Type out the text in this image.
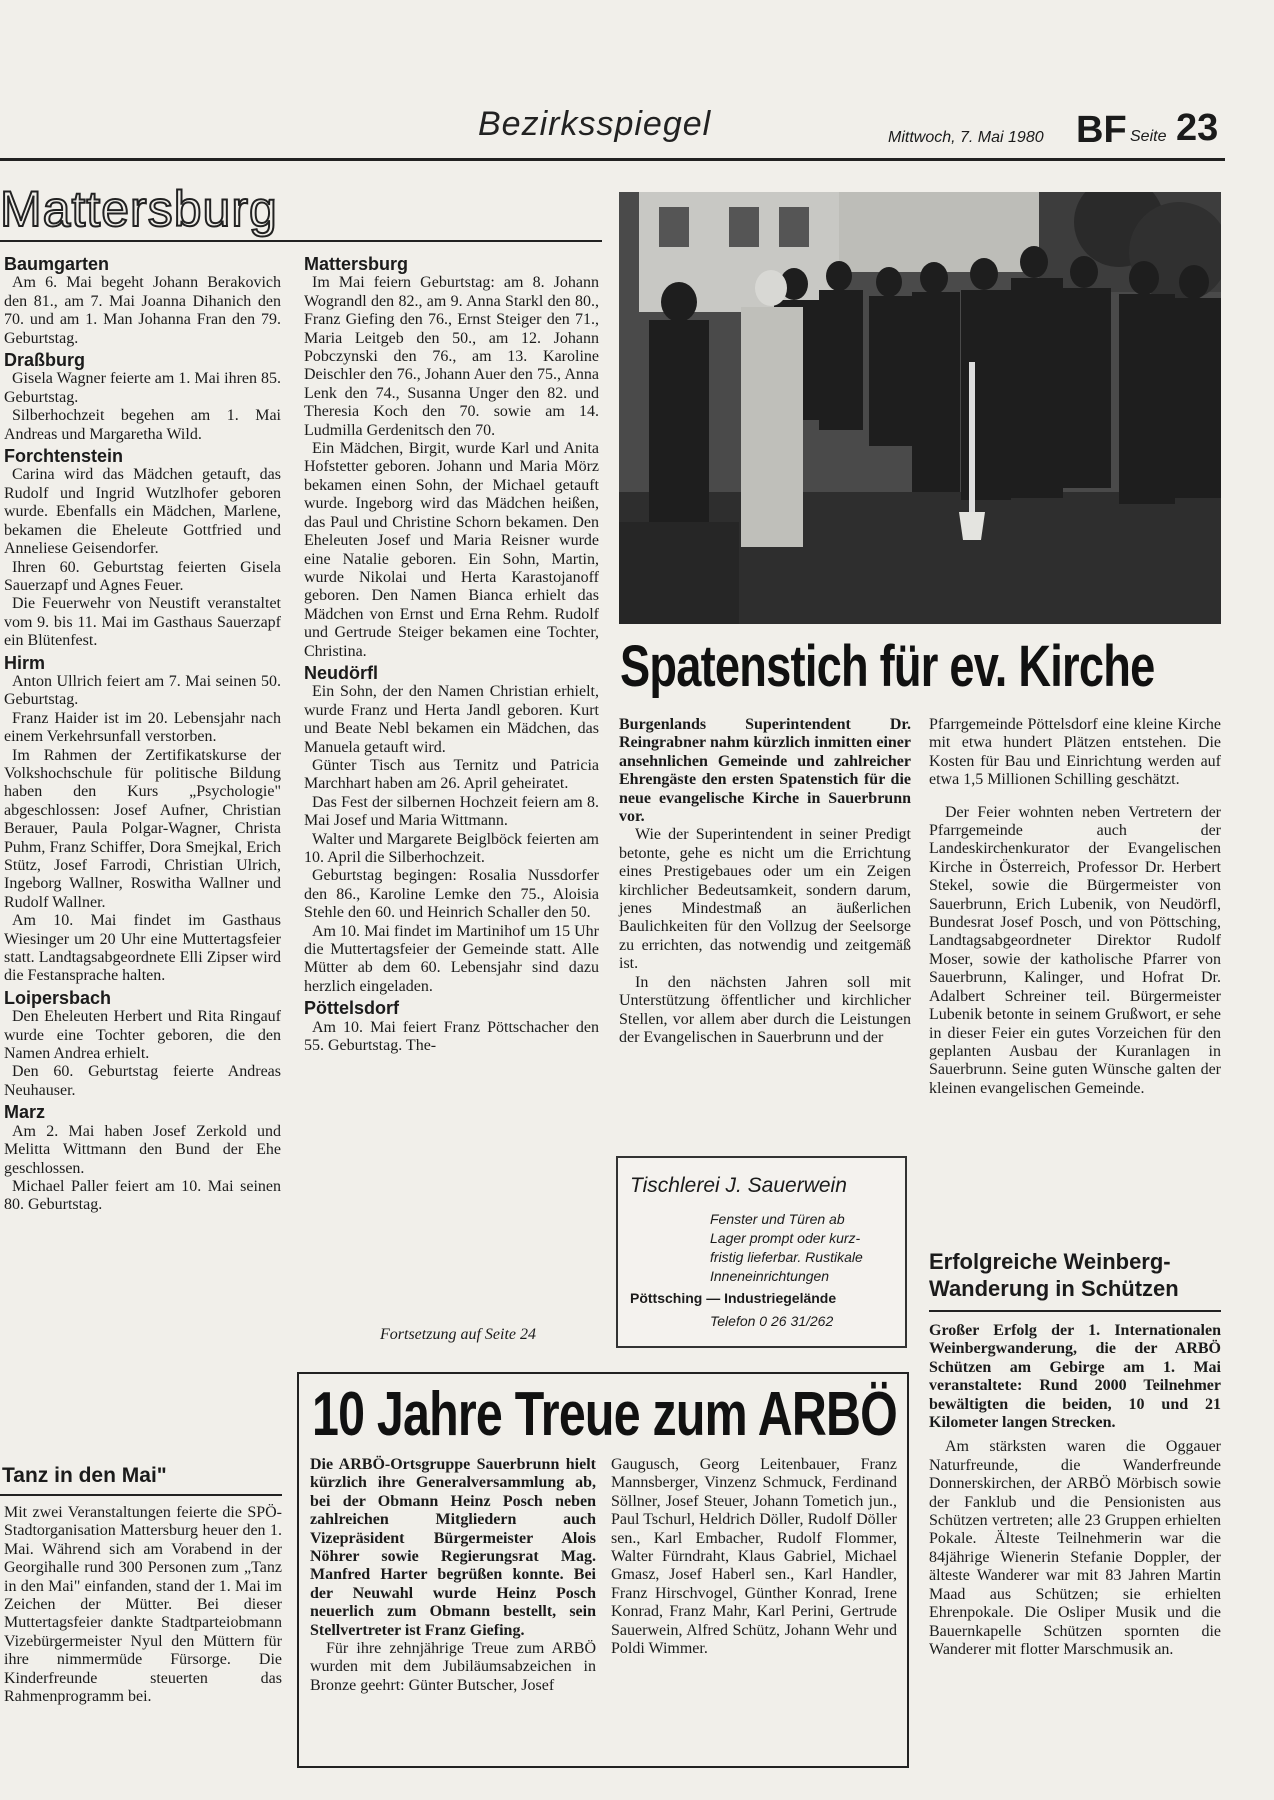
Bezirksspiegel	Mittwoch, 7. Mai 1980 BF Seite 23
Mattersburg
Baumgarten

Am 6. Mai begeht Johann Berakovich den 81., am 7. Mai Joanna Dihanich den 70. und am 1. Man Johanna Fran den 79. Geburtstag.

Draßburg

Gisela Wagner feierte am 1. Mai ihren 85. Geburtstag.

Silberhochzeit begehen am 1. Mai Andreas und Margaretha Wild.

Forchtenstein

Carina wird das Mädchen getauft, das Rudolf und Ingrid Wutzlhofer geboren wurde. Ebenfalls ein Mädchen, Marlene, bekamen die Eheleute Gottfried und Anneliese Geisendorfer.

Ihren 60. Geburtstag feierten Gisela Sauerzapf und Agnes Feuer.

Die Feuerwehr von Neustift veranstaltet vom 9. bis 11. Mai im Gasthaus Sauerzapf ein Blütenfest.

Hirm

Anton Ullrich feiert am 7. Mai seinen 50. Geburtstag.

Franz Haider ist im 20. Lebensjahr nach einem Verkehrsunfall verstorben.

Im Rahmen der Zertifikatskurse der Volkshochschule für politische Bildung haben den Kurs „Psychologie" abgeschlossen: Josef Aufner, Christian Berauer, Paula Polgar-Wagner, Christa Puhm, Franz Schiffer, Dora Smejkal, Erich Stütz, Josef Farrodi, Christian Ulrich, Ingeborg Wallner, Roswitha Wallner und Rudolf Wallner.

Am 10. Mai findet im Gasthaus Wiesinger um 20 Uhr eine Muttertagsfeier statt. Landtagsabgeordnete Elli Zipser wird die Festansprache halten.

Loipersbach

Den Eheleuten Herbert und Rita Ringauf wurde eine Tochter geboren, die den Namen Andrea erhielt.

Den 60. Geburtstag feierte Andreas Neuhauser.

Marz

Am 2. Mai haben Josef Zerkold und Melitta Wittmann den Bund der Ehe geschlossen.

Michael Paller feiert am 10. Mai seinen 80. Geburtstag.

Tanz in den Mai"
Mit zwei Veranstaltungen feierte die SPÖ-Stadtorganisation Mattersburg heuer den 1. Mai. Während sich am Vorabend in der Georgihalle rund 300 Personen zum „Tanz in den Mai" einfanden, stand der 1. Mai im Zeichen der Mütter. Bei dieser Muttertagsfeier dankte Stadtparteiobmann Vizebürgermeister Nyul den Müttern für ihre nimmermüde Fürsorge. Die Kinderfreunde steuerten das Rahmenprogramm bei.
Mattersburg

Im Mai feiern Geburtstag: am 8. Johann Wograndl den 82., am 9. Anna Starkl den 80., Franz Giefing den 76., Ernst Steiger den 71., Maria Leitgeb den 50., am 12. Johann Pobczynski den 76., am 13. Karoline Deischler den 76., Johann Auer den 75., Anna Lenk den 74., Susanna Unger den 82. und Theresia Koch den 70. sowie am 14. Ludmilla Gerdenitsch den 70.

Ein Mädchen, Birgit, wurde Karl und Anita Hofstetter geboren. Johann und Maria Mörz bekamen einen Sohn, der Michael getauft wurde. Ingeborg wird das Mädchen heißen, das Paul und Christine Schorn bekamen. Den Eheleuten Josef und Maria Reisner wurde eine Natalie geboren. Ein Sohn, Martin, wurde Nikolai und Herta Karastojanoff geboren. Den Namen Bianca erhielt das Mädchen von Ernst und Erna Rehm. Rudolf und Gertrude Steiger bekamen eine Tochter, Christina.

Neudörfl

Ein Sohn, der den Namen Christian erhielt, wurde Franz und Herta Jandl geboren. Kurt und Beate Nebl bekamen ein Mädchen, das Manuela getauft wird.

Günter Tisch aus Ternitz und Patricia Marchhart haben am 26. April geheiratet.

Das Fest der silbernen Hochzeit feiern am 8. Mai Josef und Maria Wittmann.

Walter und Margarete Beiglböck feierten am 10. April die Silberhochzeit.

Geburtstag begingen: Rosalia Nussdorfer den 86., Karoline Lemke den 75., Aloisia Stehle den 60. und Heinrich Schaller den 50.

Am 10. Mai findet im Martinihof um 15 Uhr die Muttertagsfeier der Gemeinde statt. Alle Mütter ab dem 60. Lebensjahr sind dazu herzlich eingeladen.

Pöttelsdorf

Am 10. Mai feiert Franz Pöttschacher den 55. Geburtstag. The-

Fortsetzung auf Seite 24
Spatenstich für ev. Kirche

Burgenlands Superintendent Dr. Reingrabner nahm kürzlich inmitten einer ansehnlichen Gemeinde und zahlreicher Ehrengäste den ersten Spatenstich für die neue evangelische Kirche in Sauerbrunn vor.

Wie der Superintendent in seiner Predigt betonte, gehe es nicht um die Errichtung eines Prestigebaues oder um ein Zeigen kirchlicher Bedeutsamkeit, sondern darum, jenes Mindestmaß an äußerlichen Baulichkeiten für den Vollzug der Seelsorge zu errichten, das notwendig und zeitgemäß ist.

In den nächsten Jahren soll mit Unterstützung öffentlicher und kirchlicher Stellen, vor allem aber durch die Leistungen der Evangelischen in Sauerbrunn und der

Pfarrgemeinde Pöttelsdorf eine kleine Kirche mit etwa hundert Plätzen entstehen. Die Kosten für Bau und Einrichtung werden auf etwa 1,5 Millionen Schilling geschätzt.

Der Feier wohnten neben Vertretern der Pfarrgemeinde auch der Landeskirchenkurator der Evangelischen Kirche in Österreich, Professor Dr. Herbert Stekel, sowie die Bürgermeister von Sauerbrunn, Erich Lubenik, von Neudörfl, Bundesrat Josef Posch, und von Pöttsching, Landtagsabgeordneter Direktor Rudolf Moser, sowie der katholische Pfarrer von Sauerbrunn, Kalinger, und Hofrat Dr. Adalbert Schreiner teil. Bürgermeister Lubenik betonte in seinem Grußwort, er sehe in dieser Feier ein gutes Vorzeichen für den geplanten Ausbau der Kuranlagen in Sauerbrunn. Seine guten Wünsche galten der kleinen evangelischen Gemeinde.

Tischlerei J. Sauerwein
Fenster und Türen ab
Lager prompt oder kurz-
fristig lieferbar. Rustikale
Inneneinrichtungen
Pöttsching — Industriegelände
Telefon 0 26 31/262
Erfolgreiche Weinberg-Wanderung in Schützen

Großer Erfolg der 1. Internationalen Weinbergwanderung, die der ARBÖ Schützen am Gebirge am 1. Mai veranstaltete: Rund 2000 Teilnehmer bewältigten die beiden, 10 und 21 Kilometer langen Strecken.

Am stärksten waren die Oggauer Naturfreunde, die Wanderfreunde Donnerskirchen, der ARBÖ Mörbisch sowie der Fanklub und die Pensionisten aus Schützen vertreten; alle 23 Gruppen erhielten Pokale. Älteste Teilnehmerin war die 84jährige Wienerin Stefanie Doppler, der älteste Wanderer war mit 83 Jahren Martin Maad aus Schützen; sie erhielten Ehrenpokale. Die Osliper Musik und die Bauernkapelle Schützen spornten die Wanderer mit flotter Marschmusik an.

10 Jahre Treue zum ARBÖ

Die ARBÖ-Ortsgruppe Sauerbrunn hielt kürzlich ihre Generalversammlung ab, bei der Obmann Heinz Posch neben zahlreichen Mitgliedern auch Vizepräsident Bürgermeister Alois Nöhrer sowie Regierungsrat Mag. Manfred Harter begrüßen konnte. Bei der Neuwahl wurde Heinz Posch neuerlich zum Obmann bestellt, sein Stellvertreter ist Franz Giefing.

Für ihre zehnjährige Treue zum ARBÖ wurden mit dem Jubiläumsabzeichen in Bronze geehrt: Günter Butscher, Josef

Gaugusch, Georg Leitenbauer, Franz Mannsberger, Vinzenz Schmuck, Ferdinand Söllner, Josef Steuer, Johann Tometich jun., Paul Tschurl, Heldrich Döller, Rudolf Döller sen., Karl Embacher, Rudolf Flommer, Walter Fürndraht, Klaus Gabriel, Michael Gmasz, Josef Haberl sen., Karl Handler, Franz Hirschvogel, Günther Konrad, Irene Konrad, Franz Mahr, Karl Perini, Gertrude Sauerwein, Alfred Schütz, Johann Wehr und Poldi Wimmer.
